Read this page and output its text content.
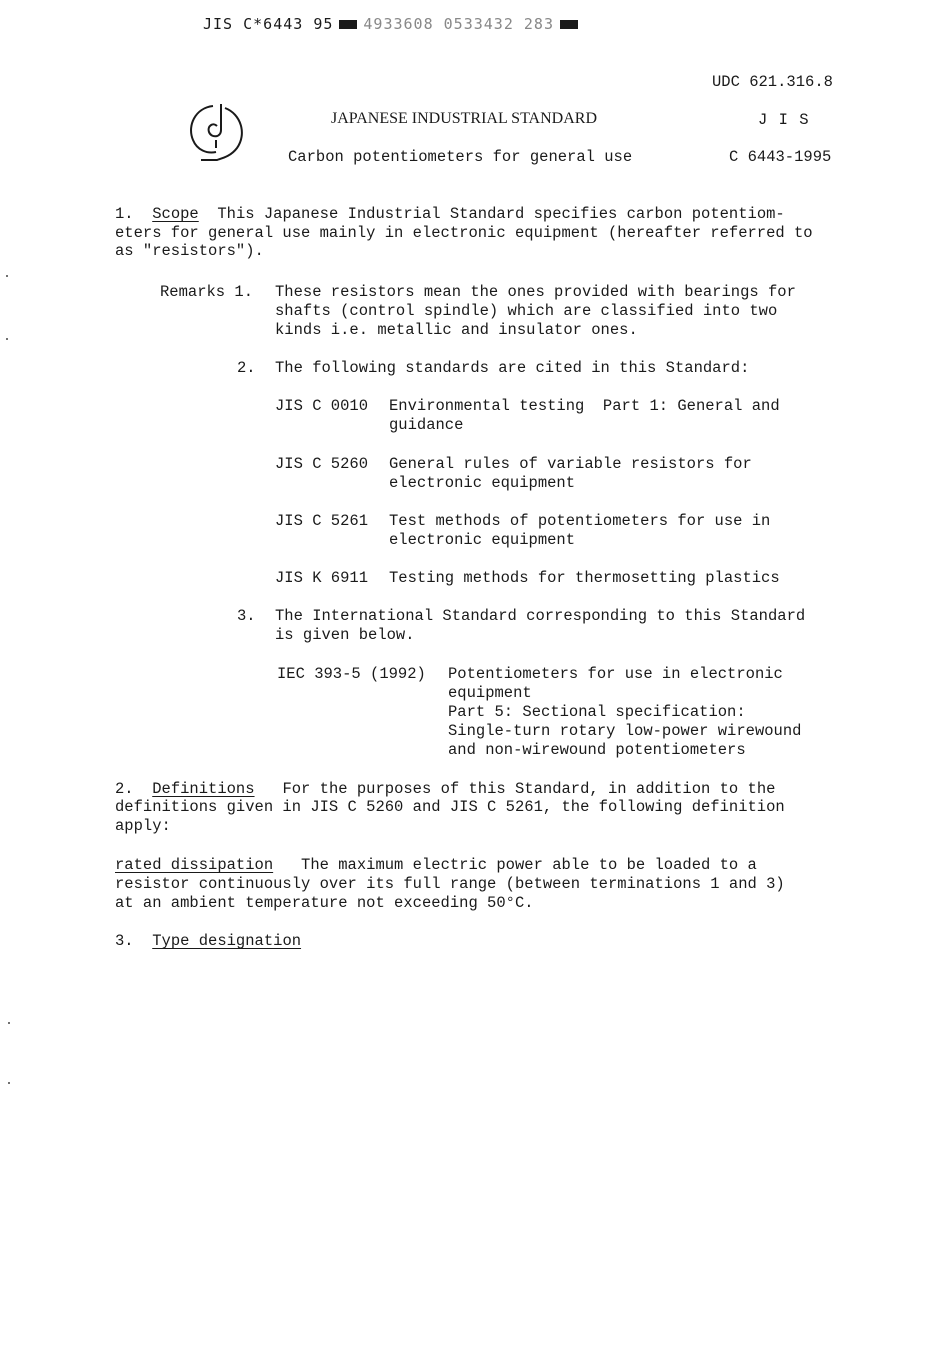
JIS C*6443 95 4933608 0533432 283
UDC 621.316.8
JAPANESE INDUSTRIAL STANDARD	J I S
Carbon potentiometers for general use	C 6443-1995
1. Scope This Japanese Industrial Standard specifies carbon potentiom-
eters for general use mainly in electronic equipment (hereafter referred to
as "resistors").
Remarks 1. These resistors mean the ones provided with bearings for
shafts (control spindle) which are classified into two
kinds i.e. metallic and insulator ones.
2. The following standards are cited in this Standard:
JIS C 0010 Environmental testing  Part 1: General and
guidance
JIS C 5260 General rules of variable resistors for
electronic equipment
JIS C 5261 Test methods of potentiometers for use in
electronic equipment
JIS K 6911 Testing methods for thermosetting plastics
3. The International Standard corresponding to this Standard
is given below.
IEC 393-5 (1992) Potentiometers for use in electronic
equipment
Part 5: Sectional specification:
Single-turn rotary low-power wirewound
and non-wirewound potentiometers
2. Definitions For the purposes of this Standard, in addition to the
definitions given in JIS C 5260 and JIS C 5261, the following definition
apply:
rated dissipation The maximum electric power able to be loaded to a
resistor continuously over its full range (between terminations 1 and 3)
at an ambient temperature not exceeding 50°C.
3. Type designation
